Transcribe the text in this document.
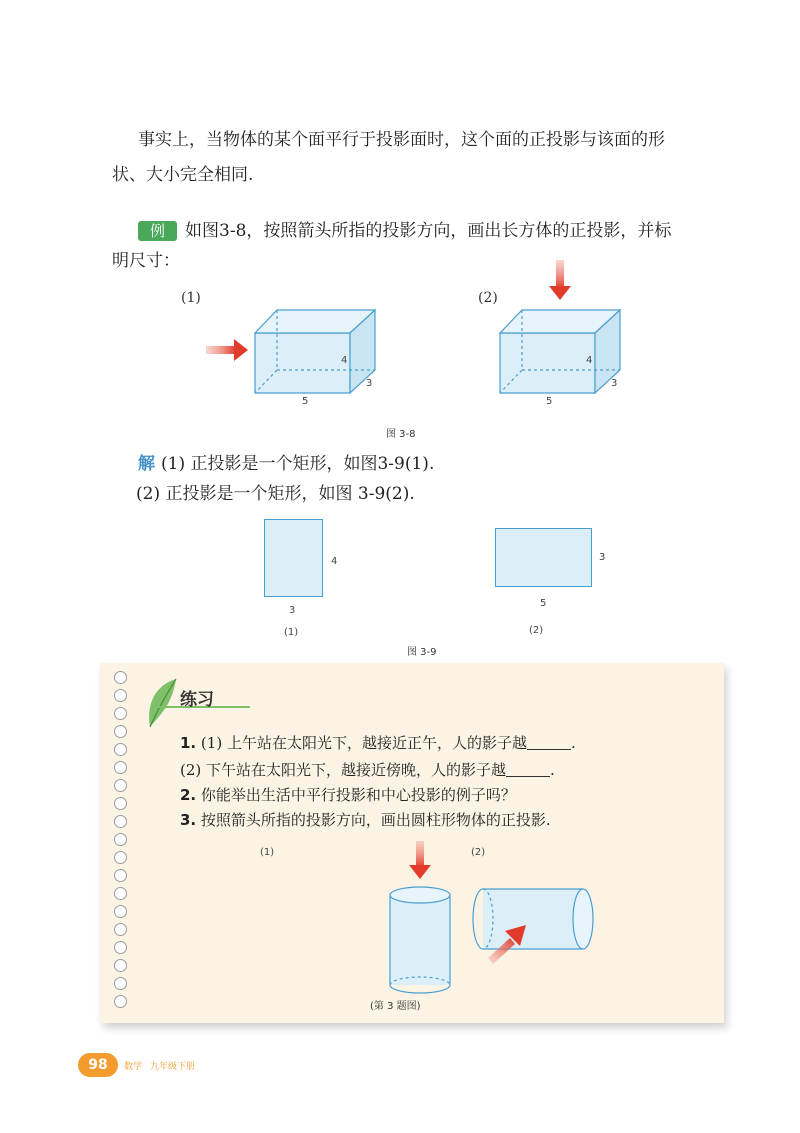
事实上，当物体的某个面平行于投影面时，这个面的正投影与该面的形
状、大小完全相同.
例 如图3-8，按照箭头所指的投影方向，画出长方体的正投影，并标
明尺寸：
(1)	(2)
4
3
5
4
3
5
图 3-8
解 (1) 正投影是一个矩形，如图3-9(1).
(2) 正投影是一个矩形，如图 3-9(2).
4
3
(1)
3
5
(2)
图 3-9
练习
1. (1) 上午站在太阳光下，越接近正午，人的影子越	.
(2) 下午站在太阳光下，越接近傍晚，人的影子越	.
2. 你能举出生活中平行投影和中心投影的例子吗？
3. 按照箭头所指的投影方向，画出圆柱形物体的正投影.
(1)	(2)
(第 3 题图)
98	数学 九年级下册
